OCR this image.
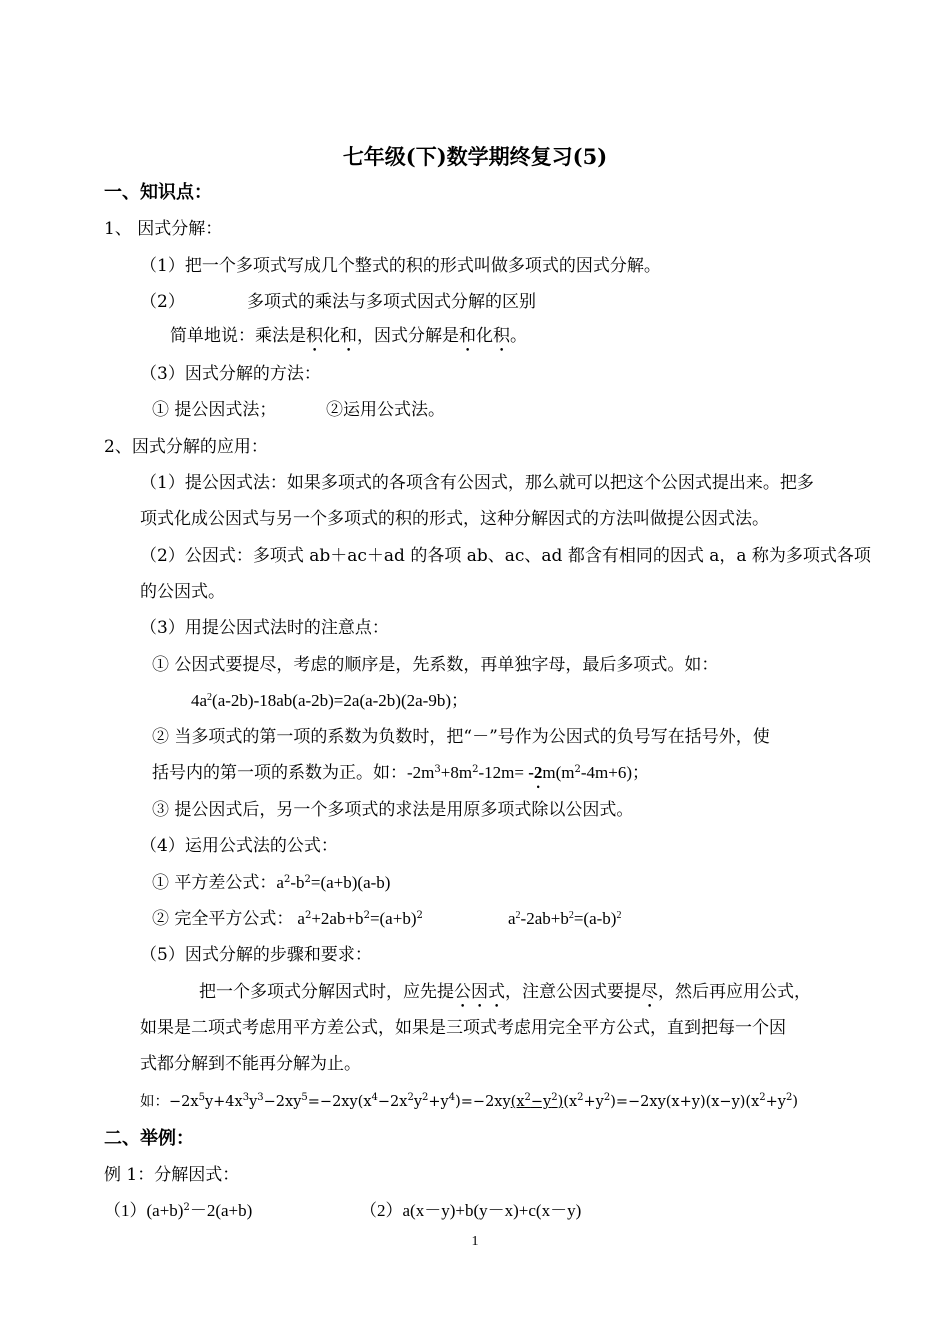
七年级(下)数学期终复习(5)
一、知识点：
1、 因式分解：
（1）把一个多项式写成几个整式的积的形式叫做多项式的因式分解。
（2）	多项式的乘法与多项式因式分解的区别
简单地说：乘法是积化和，因式分解是和化积。
（3）因式分解的方法：
① 提公因式法；	②运用公式法。
2、因式分解的应用：
（1）提公因式法：如果多项式的各项含有公因式，那么就可以把这个公因式提出来。把多
项式化成公因式与另一个多项式的积的形式，这种分解因式的方法叫做提公因式法。
（2）公因式：多项式 ab＋ac＋ad 的各项 ab、ac、ad 都含有相同的因式 a，a 称为多项式各项
的公因式。
（3）用提公因式法时的注意点：
① 公因式要提尽，考虑的顺序是，先系数，再单独字母，最后多项式。如：
$4a^2(a-2b)-18ab(a-2b)=2a(a-2b)(2a-9b)$；
② 当多项式的第一项的系数为负数时，把“－”号作为公因式的负号写在括号外，使
括号内的第一项的系数为正。如：$-2m^3+8m^2-12m= -2m(m^2-4m+6)$；
③ 提公因式后，另一个多项式的求法是用原多项式除以公因式。
（4）运用公式法的公式：
① 平方差公式：$a^2-b^2=(a+b)(a-b)$
② 完全平方公式： $a^2+2ab+b^2=(a+b)^2$	$a^2-2ab+b^2=(a-b)^2$
（5）因式分解的步骤和要求：
把一个多项式分解因式时，应先提公因式，注意公因式要提尽，然后再应用公式，
如果是二项式考虑用平方差公式，如果是三项式考虑用完全平方公式，直到把每一个因
式都分解到不能再分解为止。
如：$-2x^5y+4x^3y^3-2xy^5=-2xy(x^4-2x^2y^2+y^4)=-2xy(x^2-y^2)(x^2+y^2)=-2xy(x+y)(x-y)(x^2+y^2)$
二、举例：
例 1：分解因式：
$(1)(a+b)^2-2(a+b)$	（2）a(x－y)+b(y－x)+c(x－y)
1
